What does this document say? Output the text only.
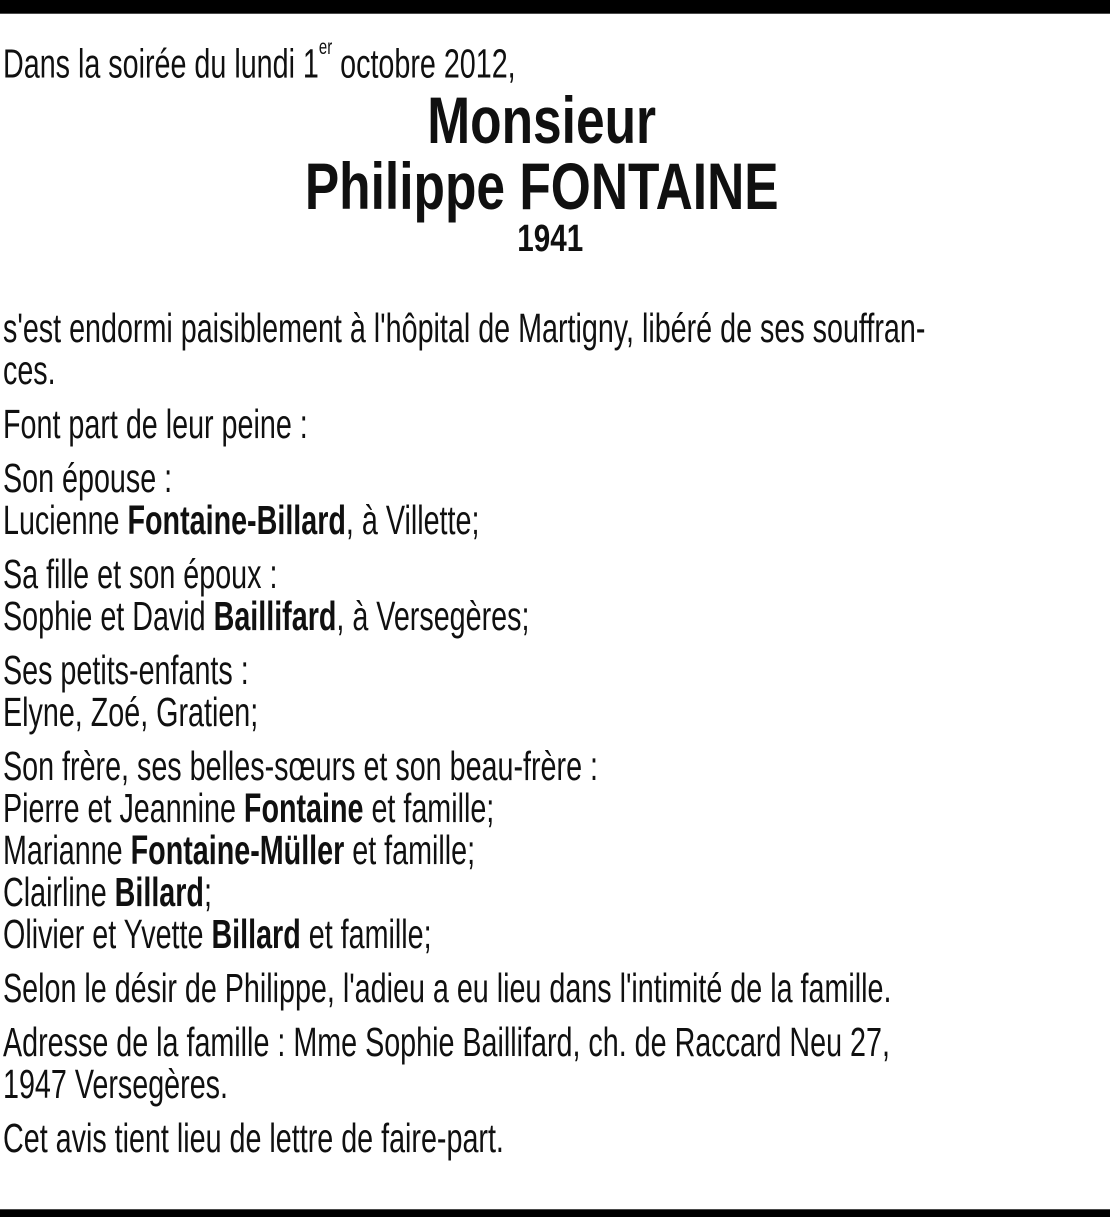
Dans la soirée du lundi 1er octobre 2012,
Monsieur
Philippe FONTAINE
1941
s'est endormi paisiblement à l'hôpital de Martigny, libéré de ses souffran-
ces.
Font part de leur peine :
Son épouse :
Lucienne Fontaine-Billard, à Villette;
Sa fille et son époux :
Sophie et David Baillifard, à Versegères;
Ses petits-enfants :
Elyne, Zoé, Gratien;
Son frère, ses belles-sœurs et son beau-frère :
Pierre et Jeannine Fontaine et famille;
Marianne Fontaine-Müller et famille;
Clairline Billard;
Olivier et Yvette Billard et famille;
Selon le désir de Philippe, l'adieu a eu lieu dans l'intimité de la famille.
Adresse de la famille : Mme Sophie Baillifard, ch. de Raccard Neu 27,
1947 Versegères.
Cet avis tient lieu de lettre de faire-part.
